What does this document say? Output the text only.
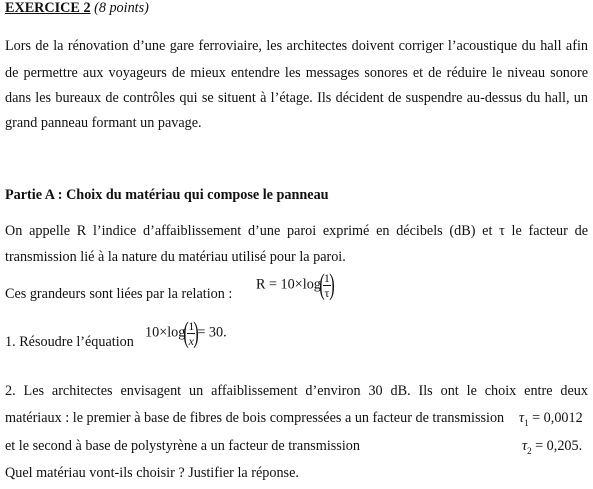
EXERCICE 2 (8 points)
Lors de la rénovation d’une gare ferroviaire, les architectes doivent corriger l’acoustique du hall afin
de permettre aux voyageurs de mieux entendre les messages sonores et de réduire le niveau sonore
dans les bureaux de contrôles qui se situent à l’étage. Ils décident de suspendre au-dessus du hall, un
grand panneau formant un pavage.
Partie A : Choix du matériau qui compose le panneau
On appelle R l’indice d’affaiblissement d’une paroi exprimé en décibels (dB) et τ le facteur de
transmission lié à la nature du matériau utilisé pour la paroi.
Ces grandeurs sont liées par la relation :
R = 10×log(
$\frac{1}{\tau}$
)
1. Résoudre l’équation
10×log(
$\frac{1}{x}$
)= 30.
2. Les architectes envisagent un affaiblissement d’environ 30 dB. Ils ont le choix entre deux
matériaux : le premier à base de fibres de bois compressées a un facteur de transmission $\tau_1 = 0,0012$
et le second à base de polystyrène a un facteur de transmission	$\tau_2 = 0,205$.
Quel matériau vont-ils choisir ? Justifier la réponse.
